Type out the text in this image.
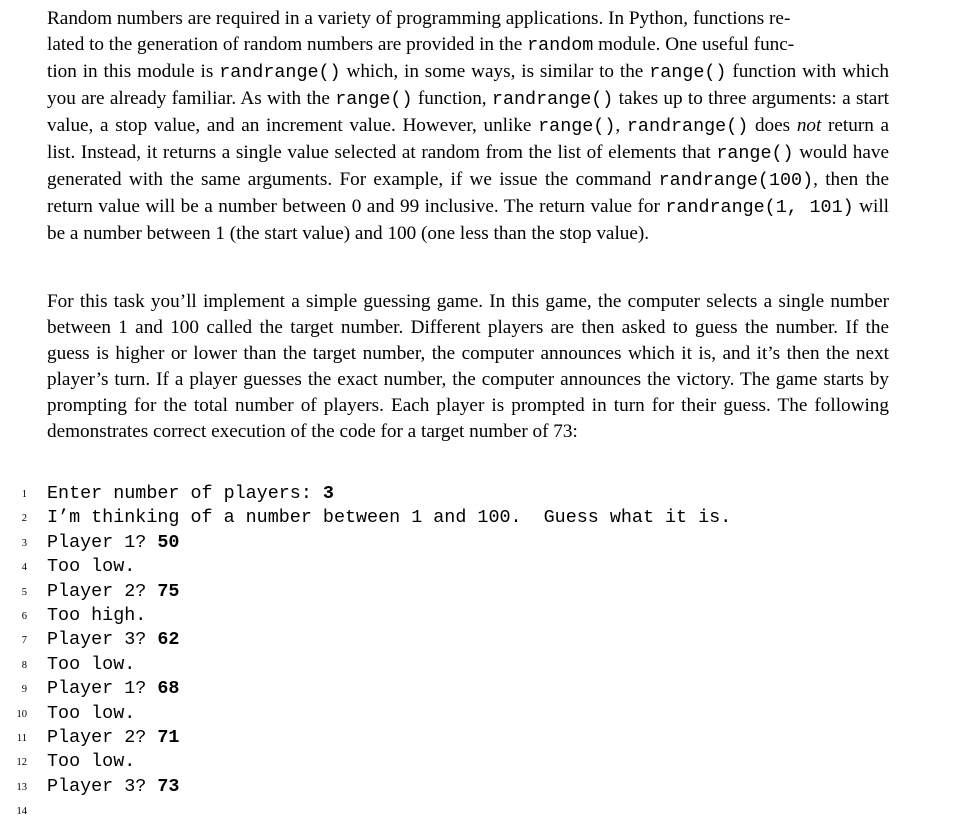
Random numbers are required in a variety of programming applications. In Python, functions re-
lated to the generation of random numbers are provided in the random module. One useful func-
tion in this module is randrange() which, in some ways, is similar to the range() function with which you are already familiar. As with the range() function, randrange() takes up to three arguments: a start value, a stop value, and an increment value. However, unlike range(), randrange() does not return a list. Instead, it returns a single value selected at random from the list of elements that range() would have generated with the same arguments. For example, if we issue the command randrange(100), then the return value will be a number between 0 and 99 inclusive. The return value for randrange(1, 101) will be a number between 1 (the start value) and 100 (one less than the stop value).
For this task you’ll implement a simple guessing game. In this game, the computer selects a single number between 1 and 100 called the target number. Different players are then asked to guess the number. If the guess is higher or lower than the target number, the computer announces which it is, and it’s then the next player’s turn. If a player guesses the exact number, the computer announces the victory. The game starts by prompting for the total number of players. Each player is prompted in turn for their guess. The following demonstrates correct execution of the code for a target number of 73:
1 Enter number of players: 3
2 I’m thinking of a number between 1 and 100.  Guess what it is.
3 Player 1? 50
4 Too low.
5 Player 2? 75
6 Too high.
7 Player 3? 62
8 Too low.
9 Player 1? 68
10 Too low.
11 Player 2? 71
12 Too low.
13 Player 3? 73
14
